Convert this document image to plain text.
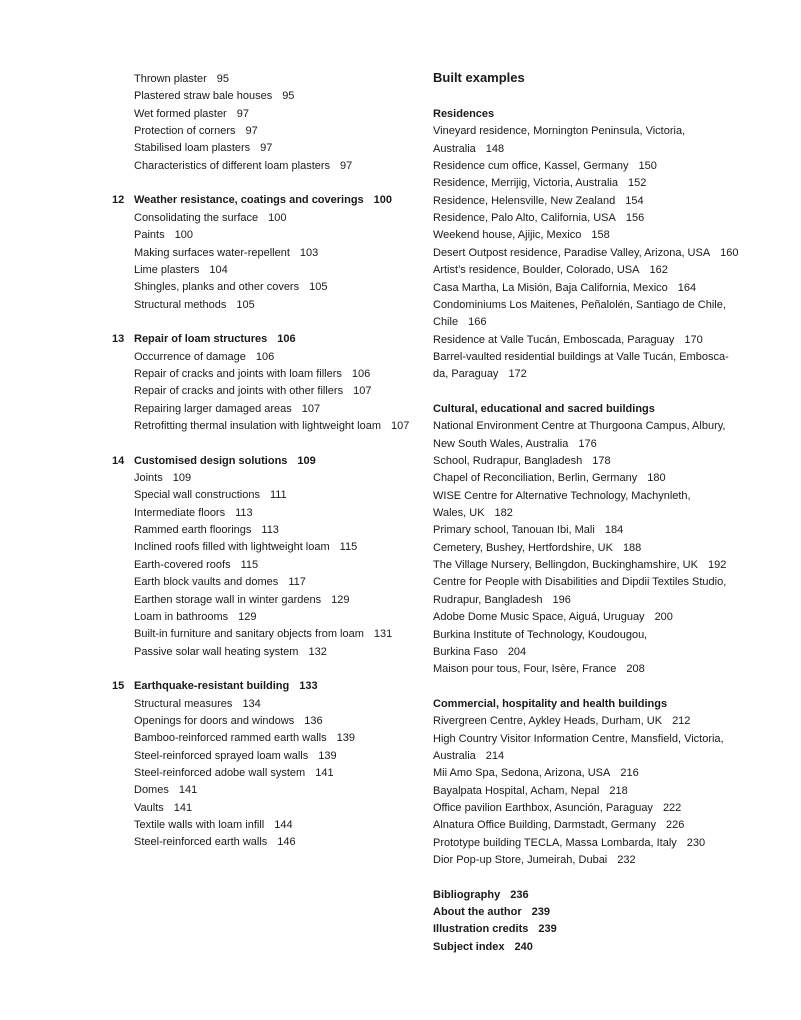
Thrown plaster 95
Plastered straw bale houses 95
Wet formed plaster 97
Protection of corners 97
Stabilised loam plasters 97
Characteristics of different loam plasters 97
12 Weather resistance, coatings and coverings 100
Consolidating the surface 100
Paints 100
Making surfaces water-repellent 103
Lime plasters 104
Shingles, planks and other covers 105
Structural methods 105
13 Repair of loam structures 106
Occurrence of damage 106
Repair of cracks and joints with loam fillers 106
Repair of cracks and joints with other fillers 107
Repairing larger damaged areas 107
Retrofitting thermal insulation with lightweight loam 107
14 Customised design solutions 109
Joints 109
Special wall constructions 111
Intermediate floors 113
Rammed earth floorings 113
Inclined roofs filled with lightweight loam 115
Earth-covered roofs 115
Earth block vaults and domes 117
Earthen storage wall in winter gardens 129
Loam in bathrooms 129
Built-in furniture and sanitary objects from loam 131
Passive solar wall heating system 132
15 Earthquake-resistant building 133
Structural measures 134
Openings for doors and windows 136
Bamboo-reinforced rammed earth walls 139
Steel-reinforced sprayed loam walls 139
Steel-reinforced adobe wall system 141
Domes 141
Vaults 141
Textile walls with loam infill 144
Steel-reinforced earth walls 146
Built examples
Residences
Vineyard residence, Mornington Peninsula, Victoria,
Australia 148
Residence cum office, Kassel, Germany 150
Residence, Merrijig, Victoria, Australia 152
Residence, Helensville, New Zealand 154
Residence, Palo Alto, California, USA 156
Weekend house, Ajijic, Mexico 158
Desert Outpost residence, Paradise Valley, Arizona, USA 160
Artist’s residence, Boulder, Colorado, USA 162
Casa Martha, La Misión, Baja California, Mexico 164
Condominiums Los Maitenes, Peñalolén, Santiago de Chile,
Chile 166
Residence at Valle Tucán, Emboscada, Paraguay 170
Barrel-vaulted residential buildings at Valle Tucán, Embosca-
da, Paraguay 172
Cultural, educational and sacred buildings
National Environment Centre at Thurgoona Campus, Albury,
New South Wales, Australia 176
School, Rudrapur, Bangladesh 178
Chapel of Reconciliation, Berlin, Germany 180
WISE Centre for Alternative Technology, Machynleth,
Wales, UK 182
Primary school, Tanouan Ibi, Mali 184
Cemetery, Bushey, Hertfordshire, UK 188
The Village Nursery, Bellingdon, Buckinghamshire, UK 192
Centre for People with Disabilities and Dipdii Textiles Studio,
Rudrapur, Bangladesh 196
Adobe Dome Music Space, Aiguá, Uruguay 200
Burkina Institute of Technology, Koudougou,
Burkina Faso 204
Maison pour tous, Four, Isère, France 208
Commercial, hospitality and health buildings
Rivergreen Centre, Aykley Heads, Durham, UK 212
High Country Visitor Information Centre, Mansfield, Victoria,
Australia 214
Mii Amo Spa, Sedona, Arizona, USA 216
Bayalpata Hospital, Acham, Nepal 218
Office pavilion Earthbox, Asunción, Paraguay 222
Alnatura Office Building, Darmstadt, Germany 226
Prototype building TECLA, Massa Lombarda, Italy 230
Dior Pop-up Store, Jumeirah, Dubai 232
Bibliography 236
About the author 239
Illustration credits 239
Subject index 240
